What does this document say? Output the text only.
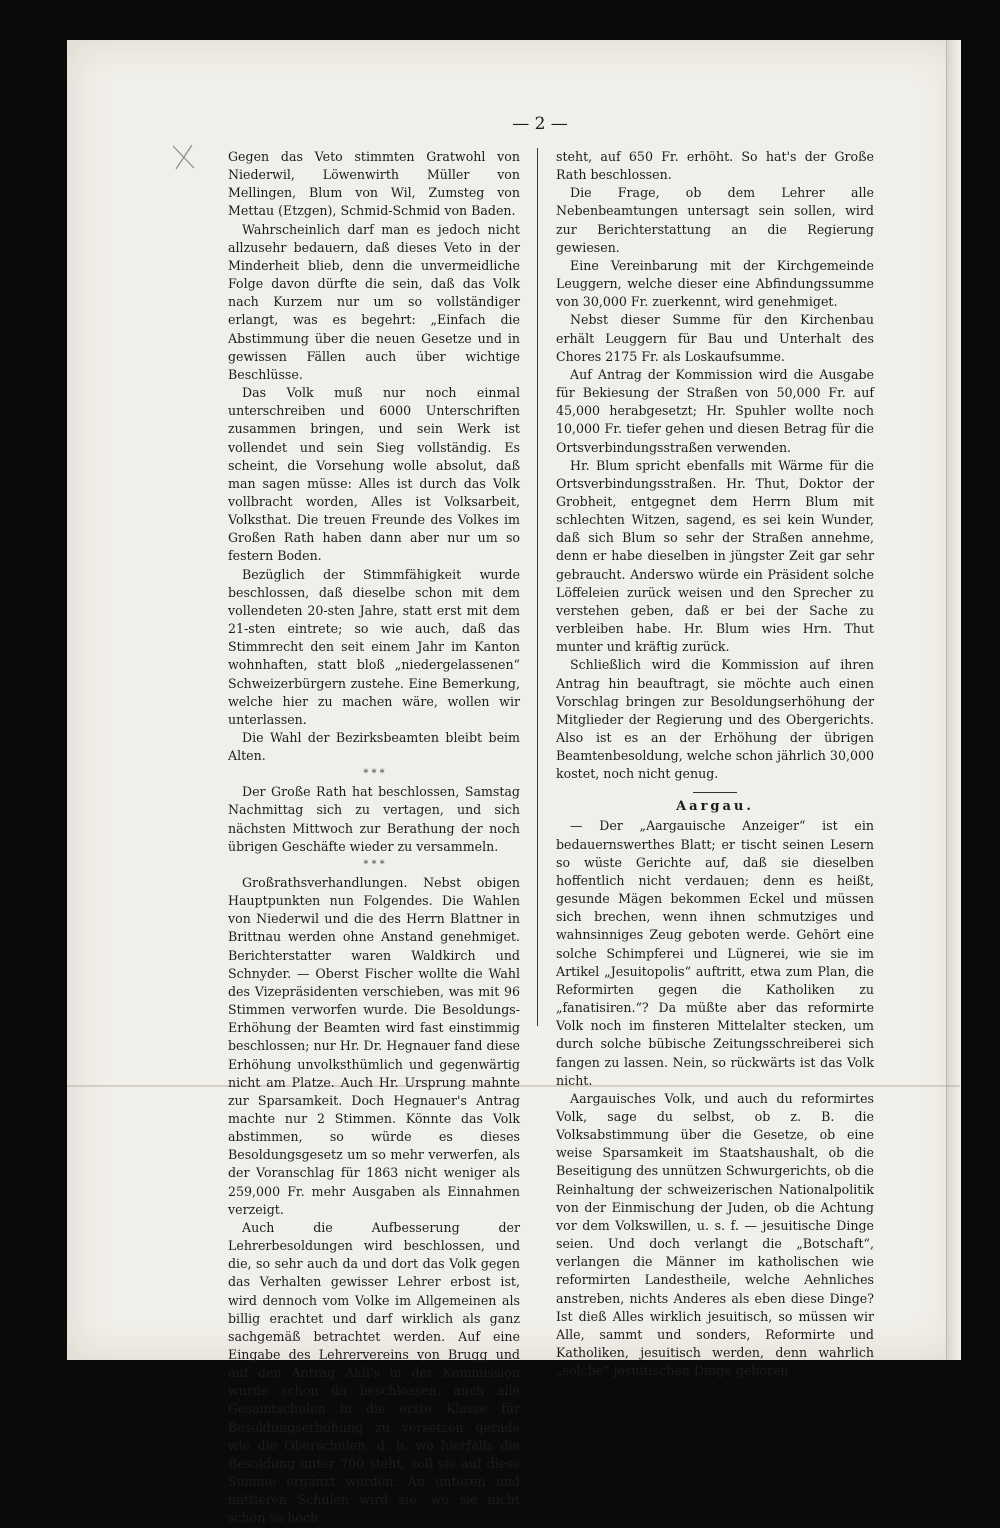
— 2 —

Gegen das Veto stimmten Gratwohl von Niederwil, Löwenwirth Müller von Mellingen, Blum von Wil, Zumsteg von Mettau (Etzgen), Schmid-Schmid von Baden.

Wahrscheinlich darf man es jedoch nicht allzusehr bedauern, daß dieses Veto in der Minderheit blieb, denn die unvermeidliche Folge davon dürfte die sein, daß das Volk nach Kurzem nur um so vollständiger erlangt, was es begehrt: „Einfach die Abstimmung über die neuen Gesetze und in gewissen Fällen auch über wichtige Beschlüsse.

Das Volk muß nur noch einmal unterschreiben und 6000 Unterschriften zusammen bringen, und sein Werk ist vollendet und sein Sieg vollständig. Es scheint, die Vorsehung wolle absolut, daß man sagen müsse: Alles ist durch das Volk vollbracht worden, Alles ist Volksarbeit, Volksthat. Die treuen Freunde des Volkes im Großen Rath haben dann aber nur um so festern Boden.

Bezüglich der Stimmfähigkeit wurde beschlossen, daß dieselbe schon mit dem vollendeten 20-sten Jahre, statt erst mit dem 21-sten eintrete; so wie auch, daß das Stimmrecht den seit einem Jahr im Kanton wohnhaften, statt bloß „niedergelassenen“ Schweizerbürgern zustehe. Eine Bemerkung, welche hier zu machen wäre, wollen wir unterlassen.

Die Wahl der Bezirksbeamten bleibt beim Alten.

* * *

Der Große Rath hat beschlossen, Samstag Nachmittag sich zu vertagen, und sich nächsten Mittwoch zur Berathung der noch übrigen Geschäfte wieder zu versammeln.

* * *

Großrathsverhandlungen. Nebst obigen Hauptpunkten nun Folgendes. Die Wahlen von Niederwil und die des Herrn Blattner in Brittnau werden ohne Anstand genehmiget. Berichterstatter waren Waldkirch und Schnyder. — Oberst Fischer wollte die Wahl des Vizepräsidenten verschieben, was mit 96 Stimmen verworfen wurde. Die Besoldungs-Erhöhung der Beamten wird fast einstimmig beschlossen; nur Hr. Dr. Hegnauer fand diese Erhöhung unvolksthümlich und gegenwärtig nicht am Platze. Auch Hr. Ursprung mahnte zur Sparsamkeit. Doch Hegnauer's Antrag machte nur 2 Stimmen. Könnte das Volk abstimmen, so würde es dieses Besoldungsgesetz um so mehr verwerfen, als der Voranschlag für 1863 nicht weniger als 259,000 Fr. mehr Ausgaben als Einnahmen verzeigt.

Auch die Aufbesserung der Lehrerbesoldungen wird beschlossen, und die, so sehr auch da und dort das Volk gegen das Verhalten gewisser Lehrer erbost ist, wird dennoch vom Volke im Allgemeinen als billig erachtet und darf wirklich als ganz sachgemäß betrachtet werden. Auf eine Eingabe des Lehrervereins von Brugg und auf den Antrag Akli's in der Kommission wurde schon da beschlossen, auch alle Gesamtschulen in die erste Klasse für Besoldungserhöhung zu versetzen gerade wie die Oberschulen, d. h. wo hierfalls die Besoldung unter 700 steht, soll sie auf diese Summe ergänzt werden. An unteren und mittleren Schulen wird sie, wo sie nicht schon so hoch

steht, auf 650 Fr. erhöht. So hat's der Große Rath beschlossen.

Die Frage, ob dem Lehrer alle Nebenbeamtungen untersagt sein sollen, wird zur Berichterstattung an die Regierung gewiesen.

Eine Vereinbarung mit der Kirchgemeinde Leuggern, welche dieser eine Abfindungssumme von 30,000 Fr. zuerkennt, wird genehmiget.

Nebst dieser Summe für den Kirchenbau erhält Leuggern für Bau und Unterhalt des Chores 2175 Fr. als Loskaufsumme.

Auf Antrag der Kommission wird die Ausgabe für Bekiesung der Straßen von 50,000 Fr. auf 45,000 herabgesetzt; Hr. Spuhler wollte noch 10,000 Fr. tiefer gehen und diesen Betrag für die Ortsverbindungsstraßen verwenden.

Hr. Blum spricht ebenfalls mit Wärme für die Ortsverbindungsstraßen. Hr. Thut, Doktor der Grobheit, entgegnet dem Herrn Blum mit schlechten Witzen, sagend, es sei kein Wunder, daß sich Blum so sehr der Straßen annehme, denn er habe dieselben in jüngster Zeit gar sehr gebraucht. Anderswo würde ein Präsident solche Löffeleien zurück weisen und den Sprecher zu verstehen geben, daß er bei der Sache zu verbleiben habe. Hr. Blum wies Hrn. Thut munter und kräftig zurück.

Schließlich wird die Kommission auf ihren Antrag hin beauftragt, sie möchte auch einen Vorschlag bringen zur Besoldungserhöhung der Mitglieder der Regierung und des Obergerichts. Also ist es an der Erhöhung der übrigen Beamtenbesoldung, welche schon jährlich 30,000 kostet, noch nicht genug.

Aargau.

— Der „Aargauische Anzeiger“ ist ein bedauernswerthes Blatt; er tischt seinen Lesern so wüste Gerichte auf, daß sie dieselben hoffentlich nicht verdauen; denn es heißt, gesunde Mägen bekommen Eckel und müssen sich brechen, wenn ihnen schmutziges und wahnsinniges Zeug geboten werde. Gehört eine solche Schimpferei und Lügnerei, wie sie im Artikel „Jesuitopolis“ auftritt, etwa zum Plan, die Reformirten gegen die Katholiken zu „fanatisiren.“? Da müßte aber das reformirte Volk noch im finsteren Mittelalter stecken, um durch solche bübische Zeitungsschreiberei sich fangen zu lassen. Nein, so rückwärts ist das Volk nicht.

Aargauisches Volk, und auch du reformirtes Volk, sage du selbst, ob z. B. die Volksabstimmung über die Gesetze, ob eine weise Sparsamkeit im Staatshaushalt, ob die Beseitigung des unnützen Schwurgerichts, ob die Reinhaltung der schweizerischen Nationalpolitik von der Einmischung der Juden, ob die Achtung vor dem Volkswillen, u. s. f. — jesuitische Dinge seien. Und doch verlangt die „Botschaft“, verlangen die Männer im katholischen wie reformirten Landestheile, welche Aehnliches anstreben, nichts Anderes als eben diese Dinge? Ist dieß Alles wirklich jesuitisch, so müssen wir Alle, sammt und sonders, Reformirte und Katholiken, jesuitisch werden, denn wahrlich „solche“ jesuitischen Dinge gehören
